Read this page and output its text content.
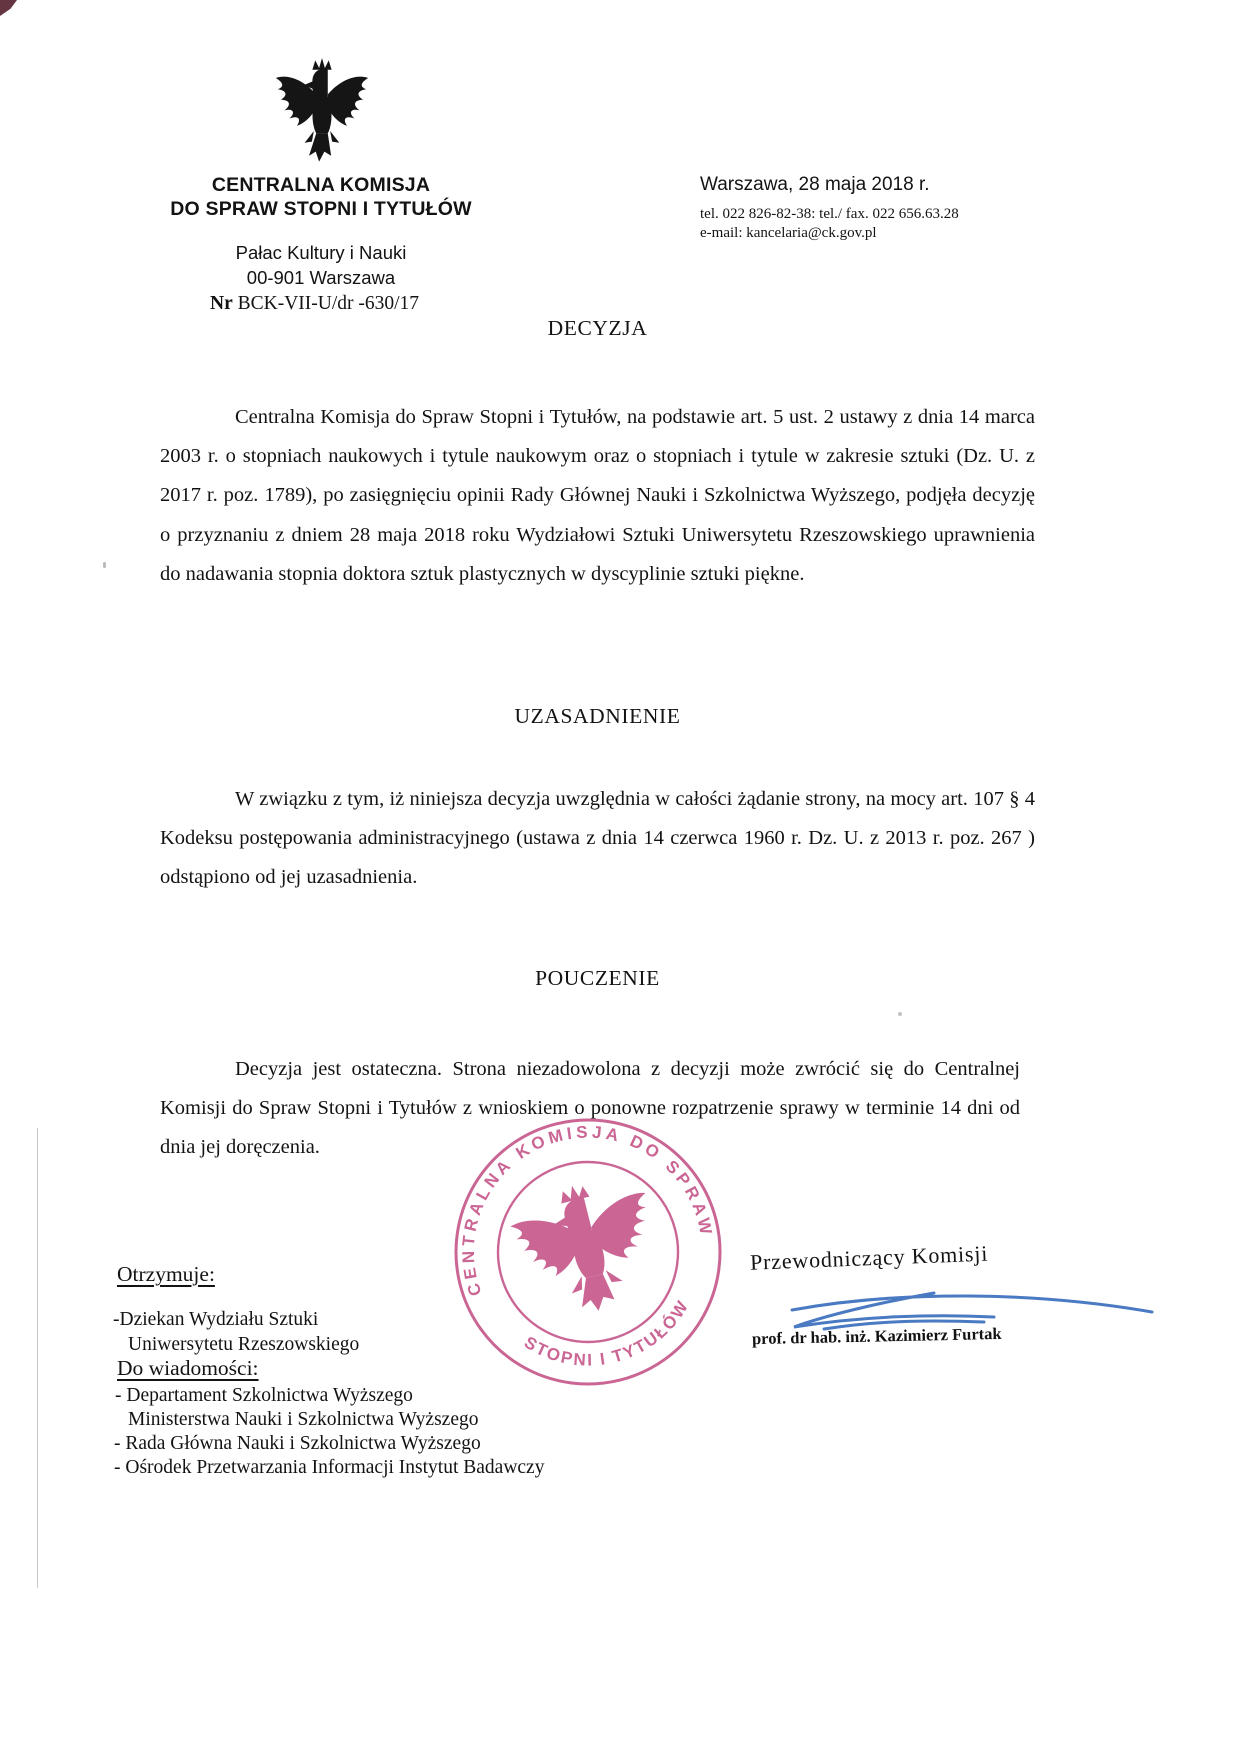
CENTRALNA KOMISJA
DO SPRAW STOPNI I TYTUŁÓW
Pałac Kultury i Nauki
00-901 Warszawa
Nr BCK-VII-U/dr -630/17
Warszawa, 28 maja 2018 r.
tel. 022 826-82-38: tel./ fax. 022 656.63.28
e-mail: kancelaria@ck.gov.pl
DECYZJA
Centralna Komisja do Spraw Stopni i Tytułów, na podstawie art. 5 ust. 2 ustawy z dnia 14 marca 2003 r. o stopniach naukowych i tytule naukowym oraz o stopniach i tytule w zakresie sztuki (Dz. U. z 2017 r. poz. 1789), po zasięgnięciu opinii Rady Głównej Nauki i Szkolnictwa Wyższego, podjęła decyzję o przyznaniu z dniem 28 maja 2018 roku Wydziałowi Sztuki Uniwersytetu Rzeszowskiego uprawnienia do nadawania stopnia doktora sztuk plastycznych w dyscyplinie sztuki piękne.
UZASADNIENIE
W związku z tym, iż niniejsza decyzja uwzględnia w całości żądanie strony, na mocy art. 107 § 4 Kodeksu postępowania administracyjnego (ustawa z dnia 14 czerwca 1960 r. Dz. U. z 2013 r. poz. 267 ) odstąpiono od jej uzasadnienia.
POUCZENIE
Decyzja jest ostateczna. Strona niezadowolona z decyzji może zwrócić się do Centralnej Komisji do Spraw Stopni i Tytułów z wnioskiem o ponowne rozpatrzenie sprawy w terminie 14 dni od dnia jej doręczenia.
CENTRALNA KOMISJA DO SPRAW
STOPNI I TYTUŁÓW
Przewodniczący Komisji
prof. dr hab. inż. Kazimierz Furtak
Otrzymuje:
-Dziekan Wydziału Sztuki
Uniwersytetu Rzeszowskiego
Do wiadomości:
- Departament Szkolnictwa Wyższego
Ministerstwa Nauki i Szkolnictwa Wyższego
- Rada Główna Nauki i Szkolnictwa Wyższego
- Ośrodek Przetwarzania Informacji Instytut Badawczy
